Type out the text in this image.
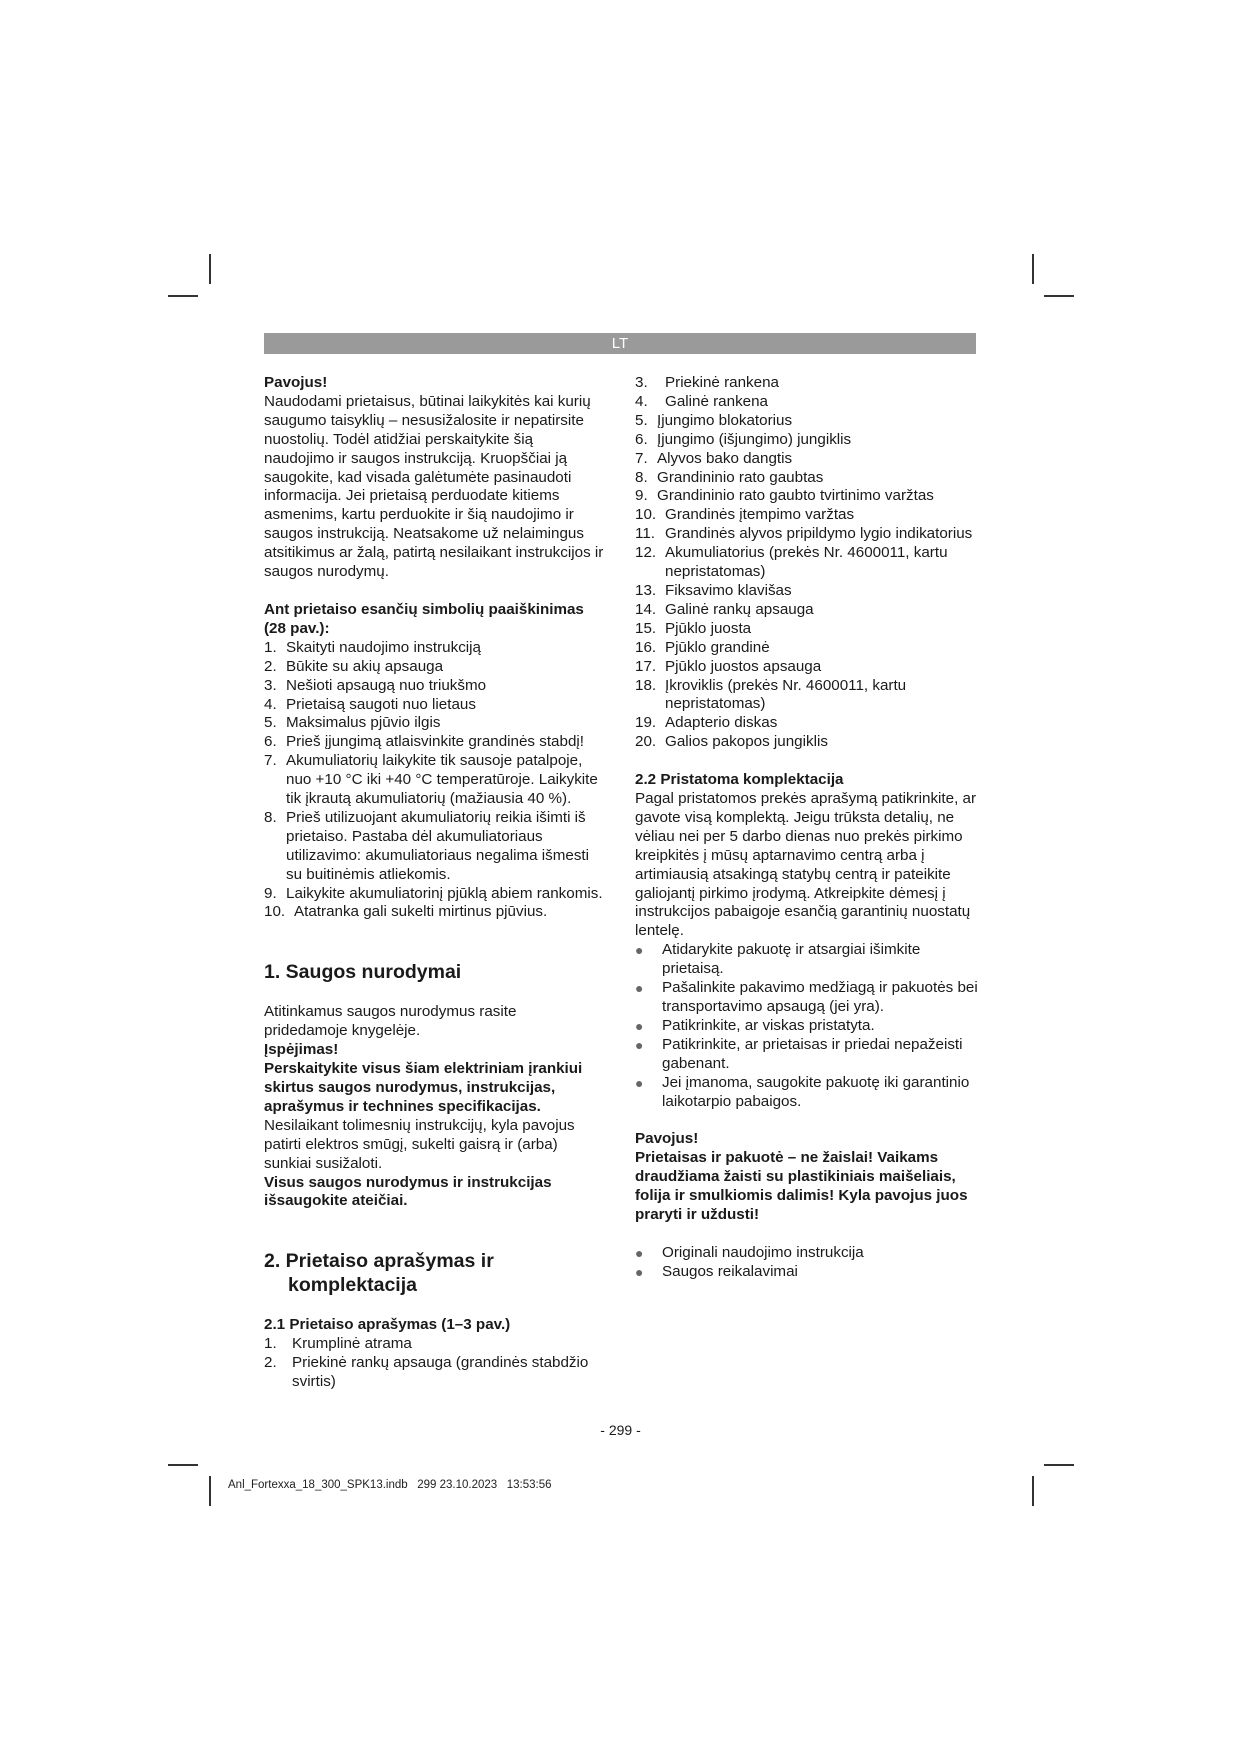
LT

Pavojus!

Naudodami prietaisus, būtinai laikykitės kai kurių saugumo taisyklių – nesusižalosite ir nepatirsite nuostolių. Todėl atidžiai perskaitykite šią naudojimo ir saugos instrukciją. Kruopščiai ją saugokite, kad visada galėtumėte pasinaudoti informacija. Jei prietaisą perduodate kitiems asmenims, kartu perduokite ir šią naudojimo ir saugos instrukciją. Neatsakome už nelaimingus atsitikimus ar žalą, patirtą nesilaikant instrukcijos ir saugos nurodymų.

Ant prietaiso esančių simbolių paaiškinimas (28 pav.):

1. Skaityti naudojimo instrukciją
2. Būkite su akių apsauga
3. Nešioti apsaugą nuo triukšmo
4. Prietaisą saugoti nuo lietaus
5. Maksimalus pjūvio ilgis
6. Prieš įjungimą atlaisvinkite grandinės stabdį!
7. Akumuliatorių laikykite tik sausoje patalpoje, nuo +10 °C iki +40 °C temperatūroje. Laikykite tik įkrautą akumuliatorių (mažiausia 40 %).
8. Prieš utilizuojant akumuliatorių reikia išimti iš prietaiso. Pastaba dėl akumuliatoriaus utilizavimo: akumuliatoriaus negalima išmesti su buitinėmis atliekomis.
9. Laikykite akumuliatorinį pjūklą abiem rankomis.
10. Atatranka gali sukelti mirtinus pjūvius.

1. Saugos nurodymai

Atitinkamus saugos nurodymus rasite pridedamoje knygelėje.

Įspėjimas!

Perskaitykite visus šiam elektriniam įrankiui skirtus saugos nurodymus, instrukcijas, aprašymus ir technines specifikacijas. Nesilaikant tolimesnių instrukcijų, kyla pavojus patirti elektros smūgį, sukelti gaisrą ir (arba) sunkiai susižaloti.

Visus saugos nurodymus ir instrukcijas išsaugokite ateičiai.

2. Prietaiso aprašymas ir
komplektacija

2.1 Prietaiso aprašymas (1–3 pav.)

1. Krumplinė atrama
2. Priekinė rankų apsauga (grandinės stabdžio svirtis)
3. Priekinė rankena
4. Galinė rankena
5. Įjungimo blokatorius
6. Įjungimo (išjungimo) jungiklis
7. Alyvos bako dangtis
8. Grandininio rato gaubtas
9. Grandininio rato gaubto tvirtinimo varžtas
10. Grandinės įtempimo varžtas
11. Grandinės alyvos pripildymo lygio indikatorius
12. Akumuliatorius (prekės Nr. 4600011, kartu nepristatomas)
13. Fiksavimo klavišas
14. Galinė rankų apsauga
15. Pjūklo juosta
16. Pjūklo grandinė
17. Pjūklo juostos apsauga
18. Įkroviklis (prekės Nr. 4600011, kartu nepristatomas)
19. Adapterio diskas
20. Galios pakopos jungiklis

2.2 Pristatoma komplektacija

Pagal pristatomos prekės aprašymą patikrinkite, ar gavote visą komplektą. Jeigu trūksta detalių, ne vėliau nei per 5 darbo dienas nuo prekės pirkimo kreipkitės į mūsų aptarnavimo centrą arba į artimiausią atsakingą statybų centrą ir pateikite galiojantį pirkimo įrodymą. Atkreipkite dėmesį į instrukcijos pabaigoje esančią garantinių nuostatų lentelę.

● Atidarykite pakuotę ir atsargiai išimkite prietaisą.
● Pašalinkite pakavimo medžiagą ir pakuotės bei transportavimo apsaugą (jei yra).
● Patikrinkite, ar viskas pristatyta.
● Patikrinkite, ar prietaisas ir priedai nepažeisti gabenant.
● Jei įmanoma, saugokite pakuotę iki garantinio laikotarpio pabaigos.

Pavojus!

Prietaisas ir pakuotė – ne žaislai! Vaikams draudžiama žaisti su plastikiniais maišeliais, folija ir smulkiomis dalimis! Kyla pavojus juos praryti ir uždusti!

● Originali naudojimo instrukcija
● Saugos reikalavimai
- 299 -
Anl_Fortexxa_18_300_SPK13.indb   299 23.10.2023   13:53:56
